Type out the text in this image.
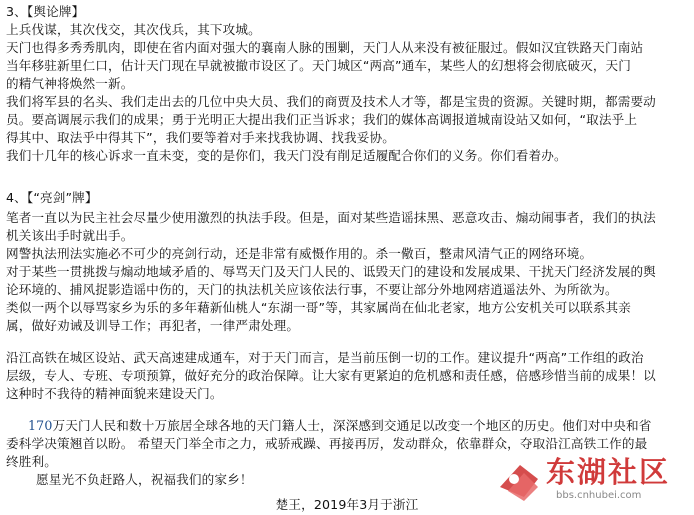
3、【舆论牌】
上兵伐谋，其次伐交，其次伐兵，其下攻城。
天门也得多秀秀肌肉，即使在省内面对强大的襄南人脉的围剿，天门人从来没有被征服过。假如汉宜铁路天门南站
当年移驻新里仁口，估计天门现在早就被撤市设区了。天门城区“两高”通车，某些人的幻想将会彻底破灭，天门
的精气神将焕然一新。
我们将军县的名头、我们走出去的几位中央大员、我们的商贾及技术人才等，都是宝贵的资源。关键时期，都需要动
员。要高调展示我们的成果；勇于光明正大提出我们正当诉求；我们的媒体高调报道城南设站又如何，“取法乎上
得其中、取法乎中得其下”，我们要等着对手来找我协调、找我妥协。
我们十几年的核心诉求一直未变，变的是你们，我天门没有削足适履配合你们的义务。你们看着办。
4、【“亮剑”牌】
笔者一直以为民主社会尽量少使用激烈的执法手段。但是，面对某些造谣抹黑、恶意攻击、煽动闹事者，我们的执法
机关该出手时就出手。
网警执法刑法实施必不可少的亮剑行动，还是非常有威慑作用的。杀一儆百，整肃风清气正的网络环境。
对于某些一贯挑拨与煽动地域矛盾的、辱骂天门及天门人民的、诋毁天门的建设和发展成果、干扰天门经济发展的舆
论环境的、捕风捉影造谣中伤的，天门的执法机关应该依法行事，不要让部分外地网痞逍遥法外、为所欲为。
类似一两个以辱骂家乡为乐的多年藉新仙桃人“东湖一哥”等，其家属尚在仙北老家，地方公安机关可以联系其亲
属，做好劝诫及训导工作；再犯者，一律严肃处理。
沿江高铁在城区设站、武天高速建成通车，对于天门而言，是当前压倒一切的工作。建议提升“两高”工作组的政治
层级，专人、专班、专项预算，做好充分的政治保障。让大家有更紧迫的危机感和责任感，倍感珍惜当前的成果！以
这种时不我待的精神面貌来建设天门。
170万天门人民和数十万旅居全球各地的天门籍人士，深深感到交通足以改变一个地区的历史。他们对中央和省
委科学决策翘首以盼。 希望天门举全市之力，戒骄戒躁、再接再厉，发动群众，依靠群众，夺取沿江高铁工作的最
终胜利。
愿星光不负赶路人，祝福我们的家乡！
楚王，2019年3月于浙江
东湖社区
bbs.cnhubei.com
